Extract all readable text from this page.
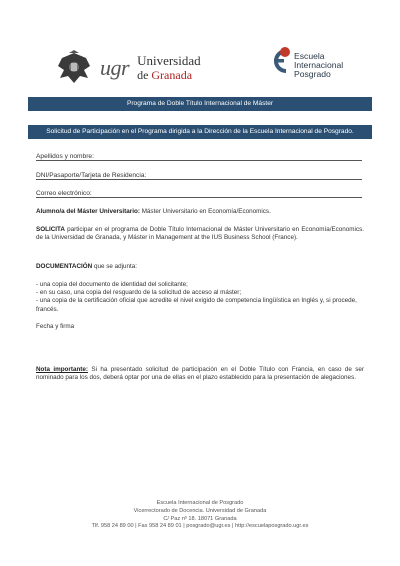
ugr Universidad
de Granada
Escuela
Internacional
Posgrado
Programa de Doble Título Internacional de Máster
Solicitud de Participación en el Programa dirigida a la Dirección de la Escuela Internacional de Posgrado.
Apellidos y nombre:
DNI/Pasaporte/Tarjeta de Residencia:
Correo electrónico:
Alumno/a del Máster Universitario: Máster Universitario en Economía/Economics.
SOLICITA participar en el programa de Doble Título Internacional de Máster Universitario en Economía/Economics. de la Universidad de Granada, y Máster in Management at the IUS Business School (France).
DOCUMENTACIÓN que se adjunta:
- una copia del documento de identidad del solicitante;
- en su caso, una copia del resguardo de la solicitud de acceso al máster;
- una copia de la certificación oficial que acredite el nivel exigido de competencia lingüística en Inglés y, si procede, francés.
Fecha y firma
Nota importante: Si ha presentado solicitud de participación en el Doble Título con Francia, en caso de ser nominado para los dos, deberá optar por una de ellas en el plazo establecido para la presentación de alegaciones.
Escuela Internacional de Posgrado
Vicerrectorado de Docencia. Universidad de Granada
C/ Paz nº 18. 18071 Granada
Tlf. 958 24 89 00 | Fax 958 24 89 01 | posgrado@ugr.es | http://escuelaposgrado.ugr.es
